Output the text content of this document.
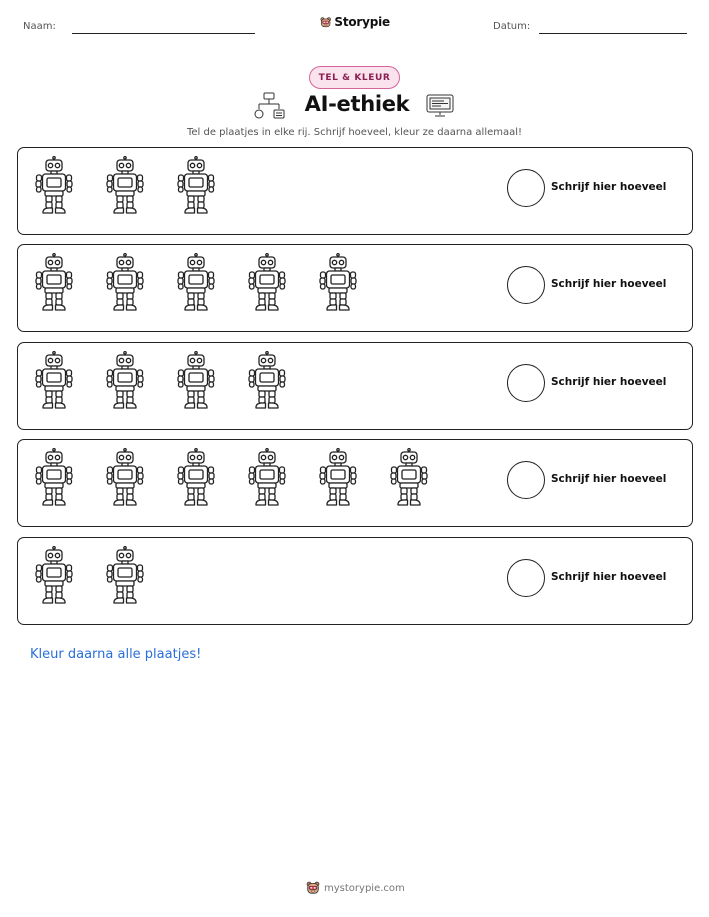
Naam:	Storypie	Datum:
TEL & KLEUR
AI-ethiek
Tel de plaatjes in elke rij. Schrijf hoeveel, kleur ze daarna allemaal!
Schrijf hier hoeveel
Schrijf hier hoeveel
Schrijf hier hoeveel
Schrijf hier hoeveel
Schrijf hier hoeveel
Kleur daarna alle plaatjes!
mystorypie.com
